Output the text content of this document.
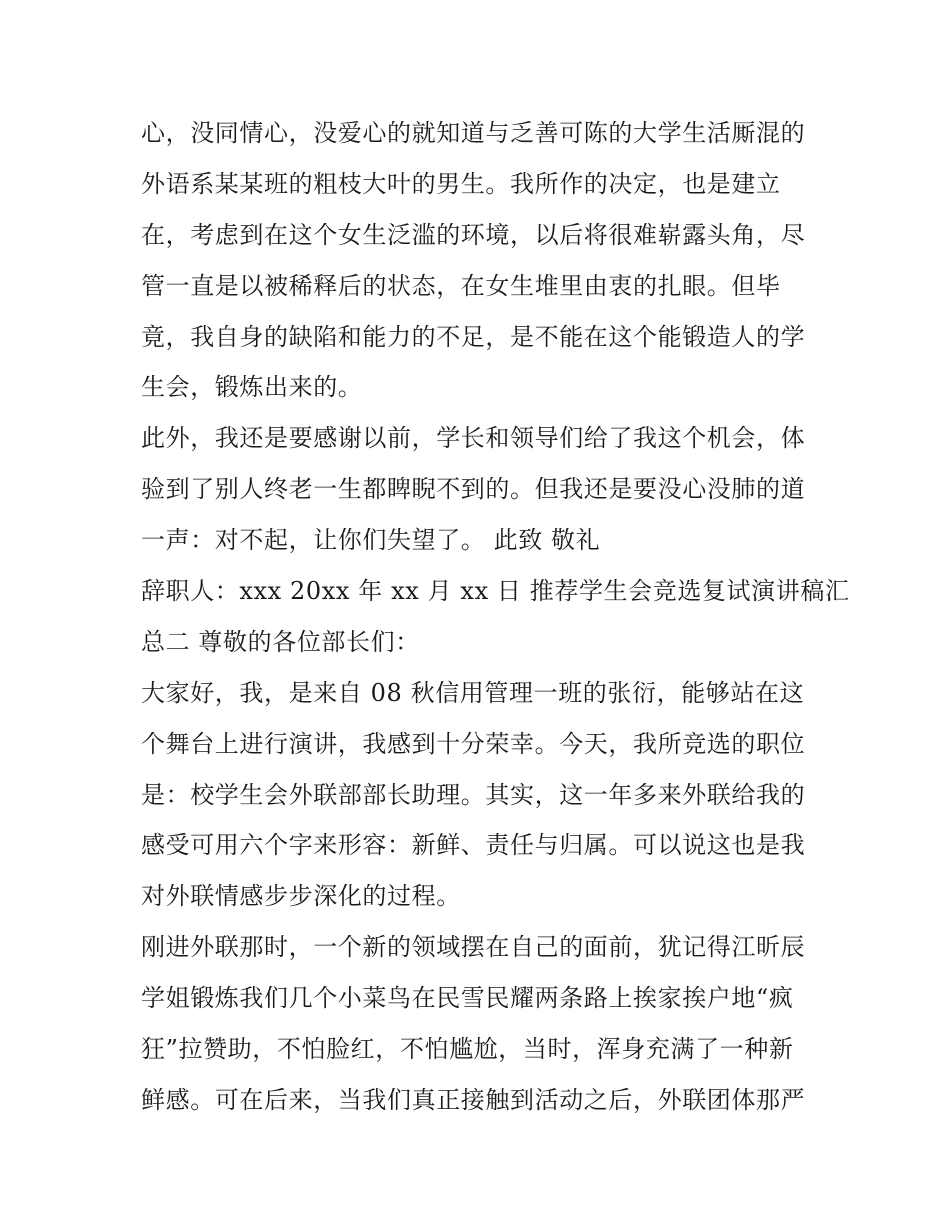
心，没同情心，没爱心的就知道与乏善可陈的大学生活厮混的
外语系某某班的粗枝大叶的男生。我所作的决定，也是建立
在，考虑到在这个女生泛滥的环境，以后将很难崭露头角，尽
管一直是以被稀释后的状态，在女生堆里由衷的扎眼。但毕
竟，我自身的缺陷和能力的不足，是不能在这个能锻造人的学
生会，锻炼出来的。
此外，我还是要感谢以前，学长和领导们给了我这个机会，体
验到了别人终老一生都睥睨不到的。但我还是要没心没肺的道
一声：对不起，让你们失望了。 此致 敬礼
辞职人：xxx 20xx 年 xx 月 xx 日 推荐学生会竞选复试演讲稿汇
总二 尊敬的各位部长们：
大家好，我，是来自 08 秋信用管理一班的张衍，能够站在这
个舞台上进行演讲，我感到十分荣幸。今天，我所竞选的职位
是：校学生会外联部部长助理。其实，这一年多来外联给我的
感受可用六个字来形容：新鲜、责任与归属。可以说这也是我
对外联情感步步深化的过程。
刚进外联那时，一个新的领域摆在自己的面前，犹记得江昕辰
学姐锻炼我们几个小菜鸟在民雪民耀两条路上挨家挨户地“疯
狂”拉赞助，不怕脸红，不怕尴尬，当时，浑身充满了一种新
鲜感。可在后来，当我们真正接触到活动之后，外联团体那严
